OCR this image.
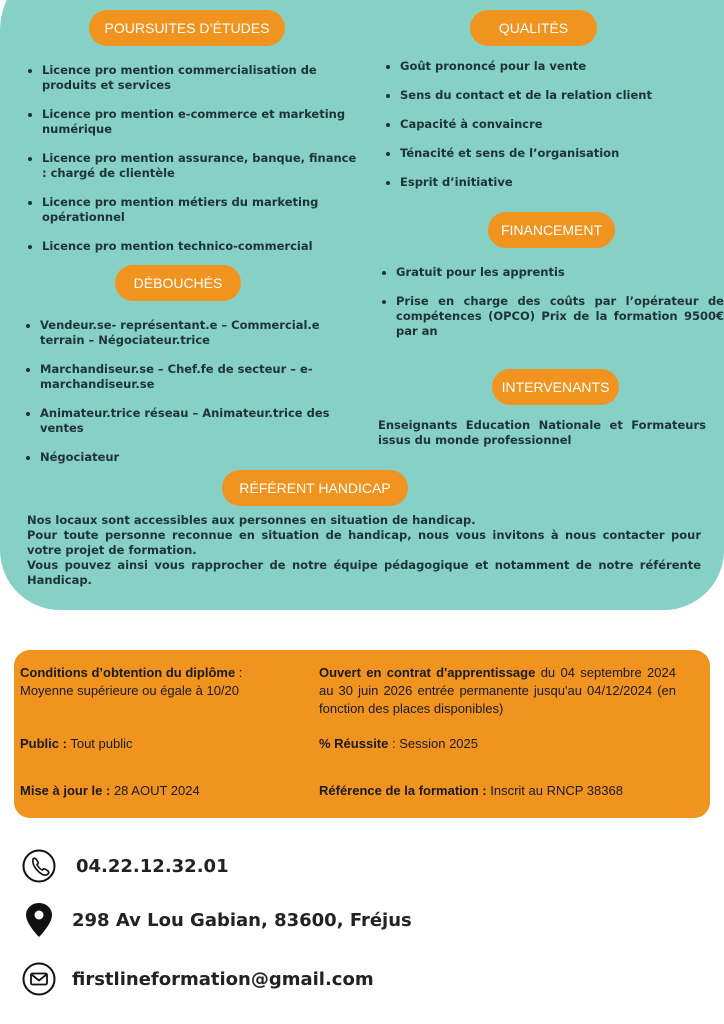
POURSUITES D’ÉTUDES
• Licence pro mention commercialisation de produits et services
• Licence pro mention e-commerce et marketing numérique
• Licence pro mention assurance, banque, finance : chargé de clientèle
• Licence pro mention métiers du marketing opérationnel
• Licence pro mention technico-commercial
DÉBOUCHÉS
• Vendeur.se- représentant.e – Commercial.e terrain – Négociateur.trice
• Marchandiseur.se – Chef.fe de secteur – e-marchandiseur.se
• Animateur.trice réseau – Animateur.trice des ventes
• Négociateur
QUALITÉS
• Goût prononcé pour la vente
• Sens du contact et de la relation client
• Capacité à convaincre
• Ténacité et sens de l’organisation
• Esprit d’initiative
FINANCEMENT
• Gratuit pour les apprentis
• Prise en charge des coûts par l’opérateur de compétences (OPCO) Prix de la formation 9500€ par an
INTERVENANTS
Enseignants Education Nationale et Formateurs issus du monde professionnel
RÉFÉRENT HANDICAP
Nos locaux sont accessibles aux personnes en situation de handicap.
Pour toute personne reconnue en situation de handicap, nous vous invitons à nous contacter pour votre projet de formation.
Vous pouvez ainsi vous rapprocher de notre équipe pédagogique et notamment de notre référente Handicap.
Conditions d’obtention du diplôme :
Moyenne supérieure ou égale à 10/20
Ouvert en contrat d'apprentissage du 04 septembre 2024 au 30 juin 2026 entrée permanente jusqu'au 04/12/2024 (en fonction des places disponibles)
Public : Tout public	% Réussite : Session 2025
Mise à jour le : 28 AOUT 2024	Référence de la formation : Inscrit au RNCP 38368
04.22.12.32.01
298 Av Lou Gabian, 83600, Fréjus
firstlineformation@gmail.com
